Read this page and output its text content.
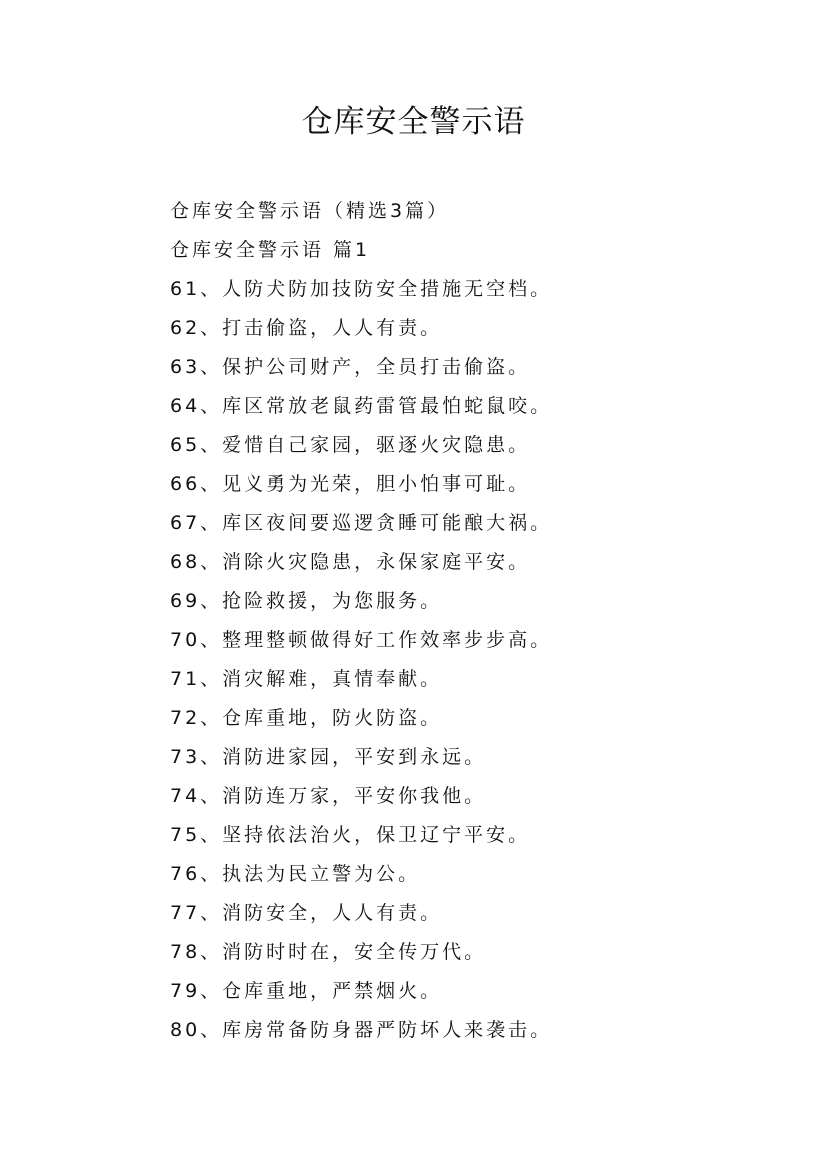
仓库安全警示语
仓库安全警示语（精选3篇）
仓库安全警示语 篇1
61、人防犬防加技防安全措施无空档。
62、打击偷盗，人人有责。
63、保护公司财产，全员打击偷盗。
64、库区常放老鼠药雷管最怕蛇鼠咬。
65、爱惜自己家园，驱逐火灾隐患。
66、见义勇为光荣，胆小怕事可耻。
67、库区夜间要巡逻贪睡可能酿大祸。
68、消除火灾隐患，永保家庭平安。
69、抢险救援，为您服务。
70、整理整顿做得好工作效率步步高。
71、消灾解难，真情奉献。
72、仓库重地，防火防盗。
73、消防进家园，平安到永远。
74、消防连万家，平安你我他。
75、坚持依法治火，保卫辽宁平安。
76、执法为民立警为公。
77、消防安全，人人有责。
78、消防时时在，安全传万代。
79、仓库重地，严禁烟火。
80、库房常备防身器严防坏人来袭击。
